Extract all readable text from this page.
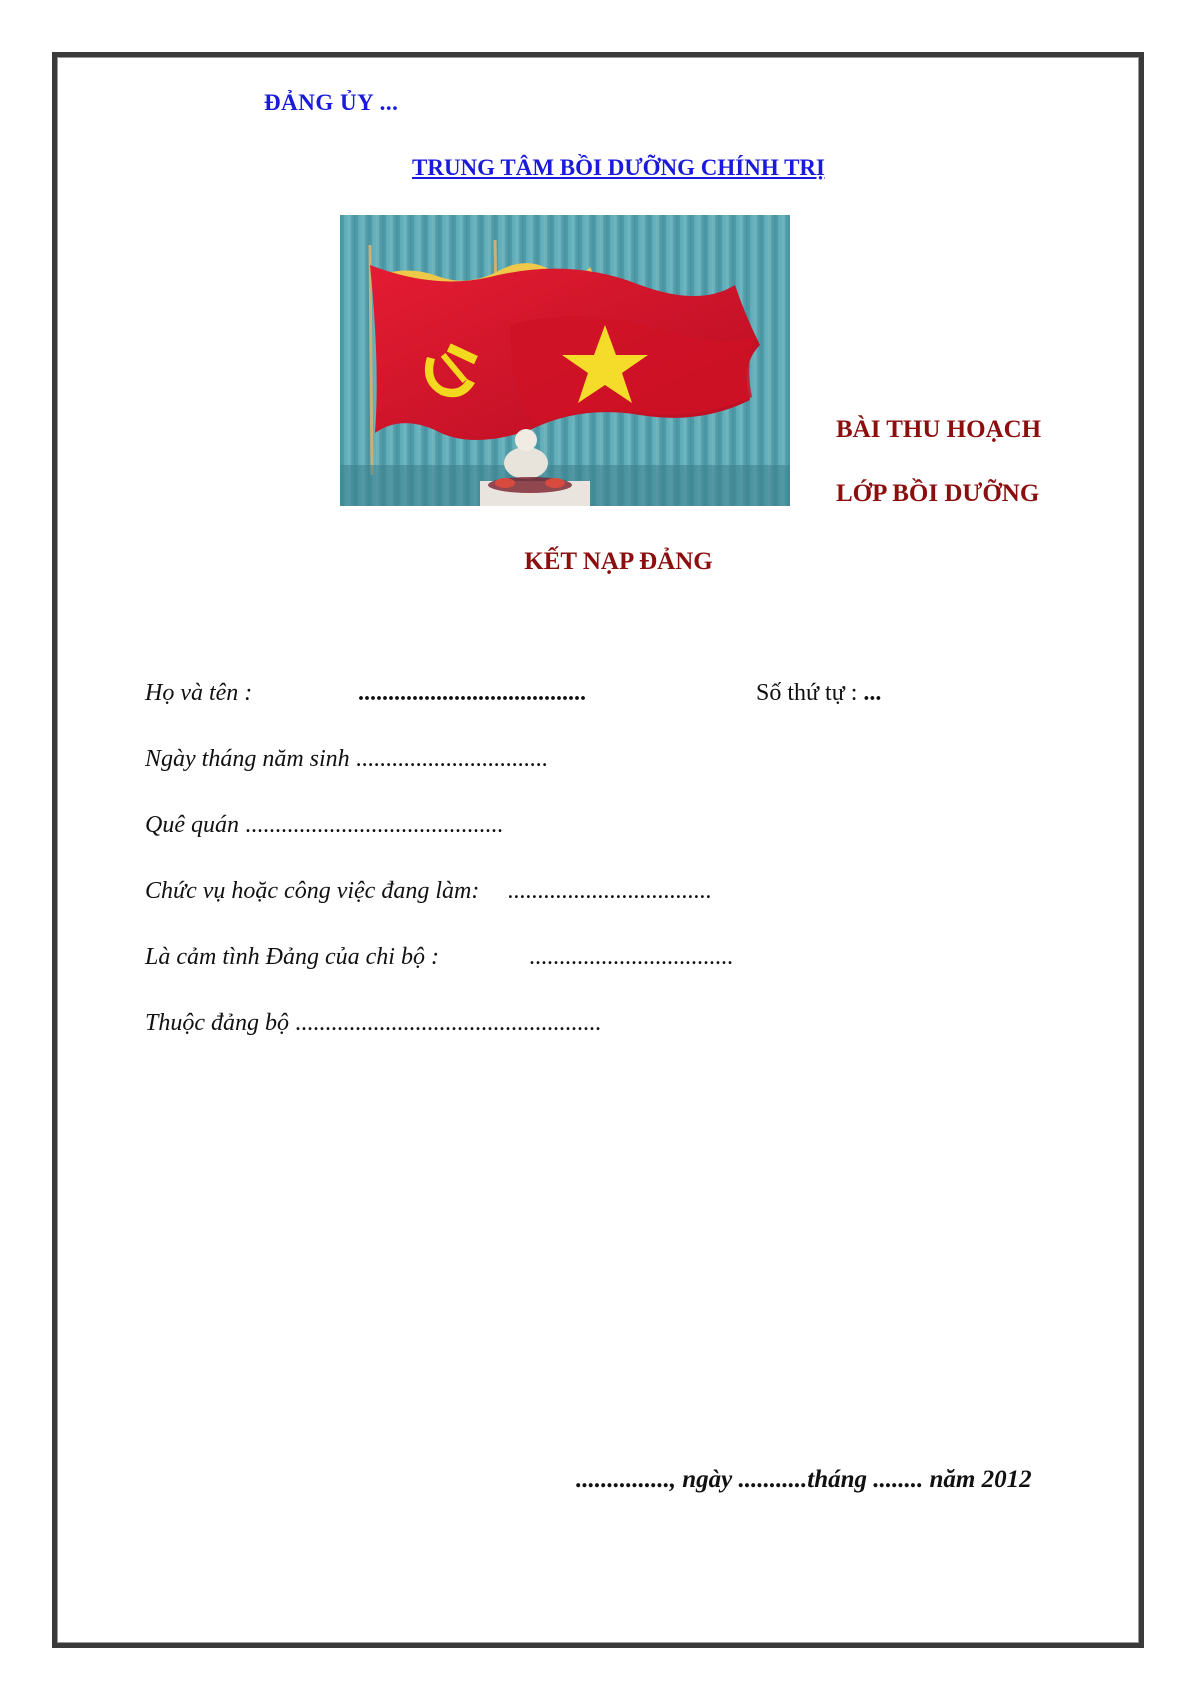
ĐẢNG ỦY ...
TRUNG TÂM BỒI DƯỠNG CHÍNH TRỊ
BÀI THU HOẠCH
LỚP BỒI DƯỠNG
KẾT NẠP ĐẢNG
Họ và tên :	......................................	Số thứ tự : ...
Ngày tháng năm sinh ................................
Quê quán ...........................................
Chức vụ hoặc công việc đang làm: ..................................
Là cảm tình Đảng của chi bộ :	..................................
Thuộc đảng bộ ...................................................
..............., ngày ...........tháng ........ năm 2012
